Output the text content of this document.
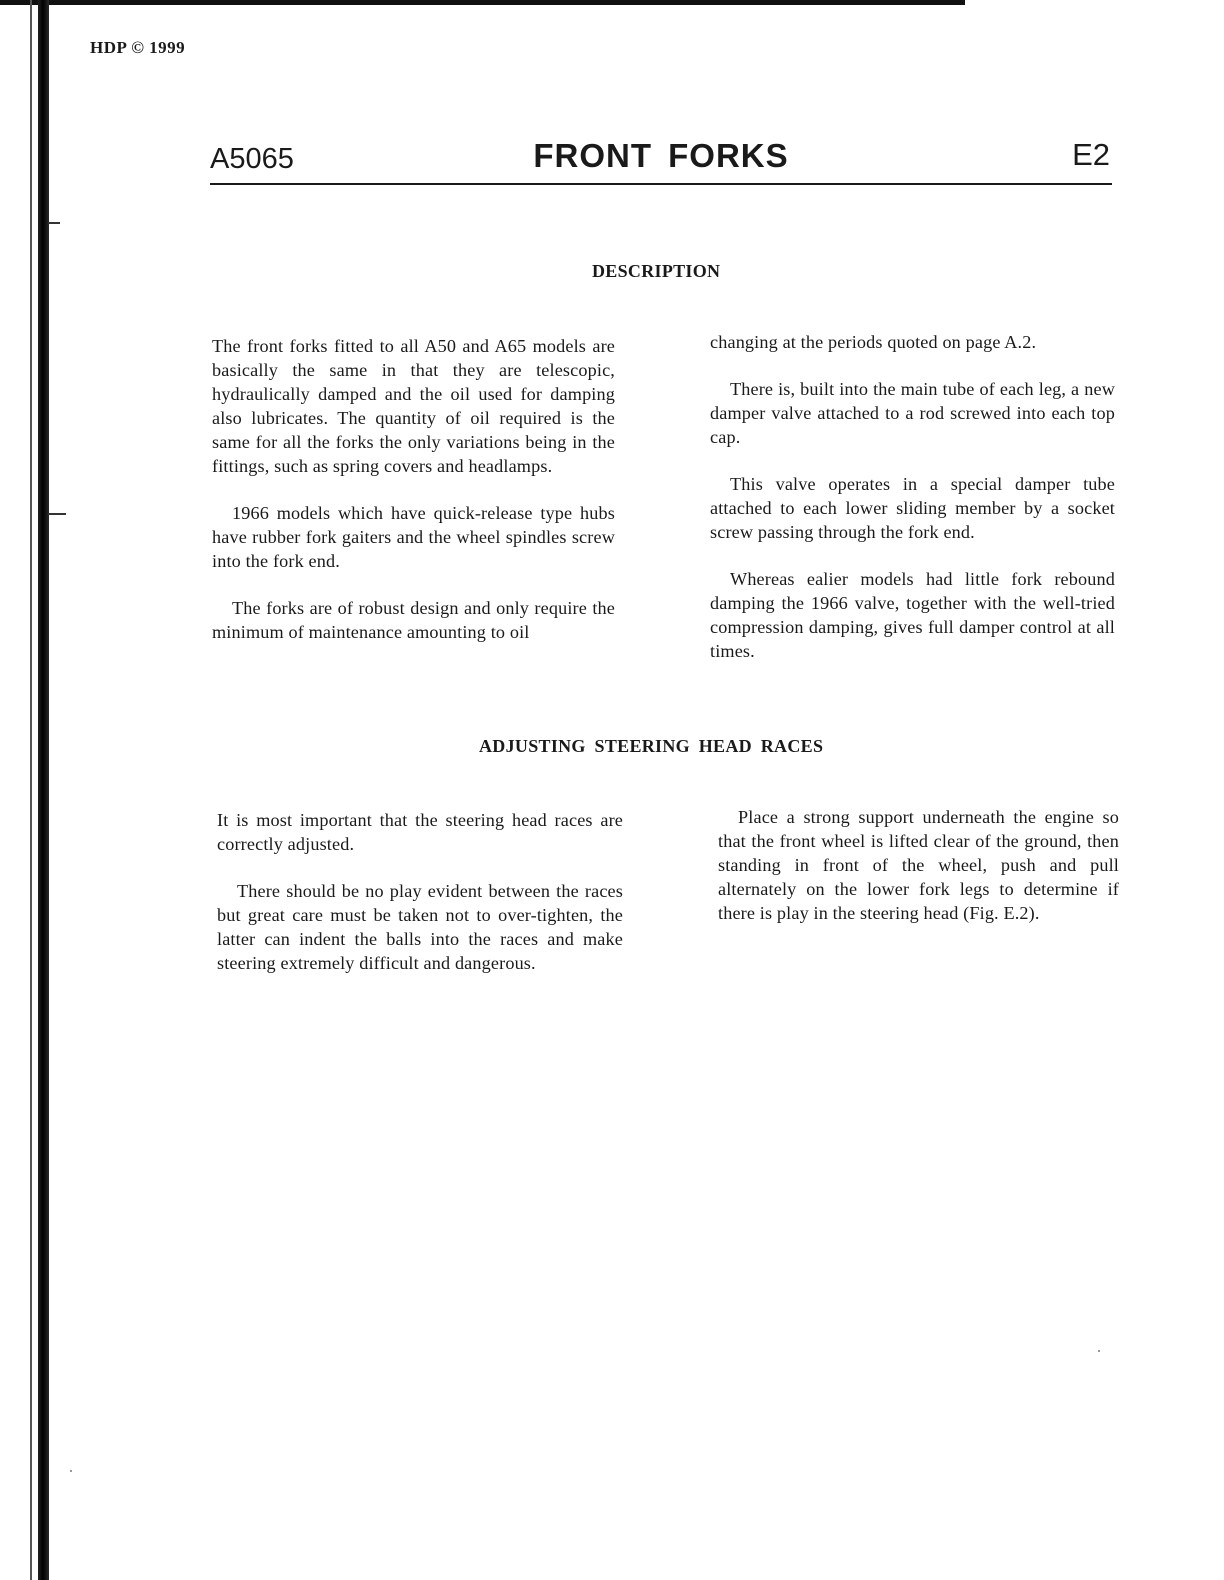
HDP © 1999
A5065	FRONT FORKS	E2
DESCRIPTION

The front forks fitted to all A50 and A65 models are basically the same in that they are telescopic, hydraulically damped and the oil used for damping also lubricates. The quantity of oil required is the same for all the forks the only variations being in the fittings, such as spring covers and headlamps.

1966 models which have quick-release type hubs have rubber fork gaiters and the wheel spindles screw into the fork end.

The forks are of robust design and only require the minimum of maintenance amounting to oil

changing at the periods quoted on page A.2.

There is, built into the main tube of each leg, a new damper valve attached to a rod screwed into each top cap.

This valve operates in a special damper tube attached to each lower sliding member by a socket screw passing through the fork end.

Whereas ealier models had little fork rebound damping the 1966 valve, together with the well-tried compression damping, gives full damper control at all times.

ADJUSTING STEERING HEAD RACES

It is most important that the steering head races are correctly adjusted.

There should be no play evident between the races but great care must be taken not to over-tighten, the latter can indent the balls into the races and make steering extremely difficult and dangerous.

Place a strong support underneath the engine so that the front wheel is lifted clear of the ground, then standing in front of the wheel, push and pull alternately on the lower fork legs to determine if there is play in the steering head (Fig. E.2).
